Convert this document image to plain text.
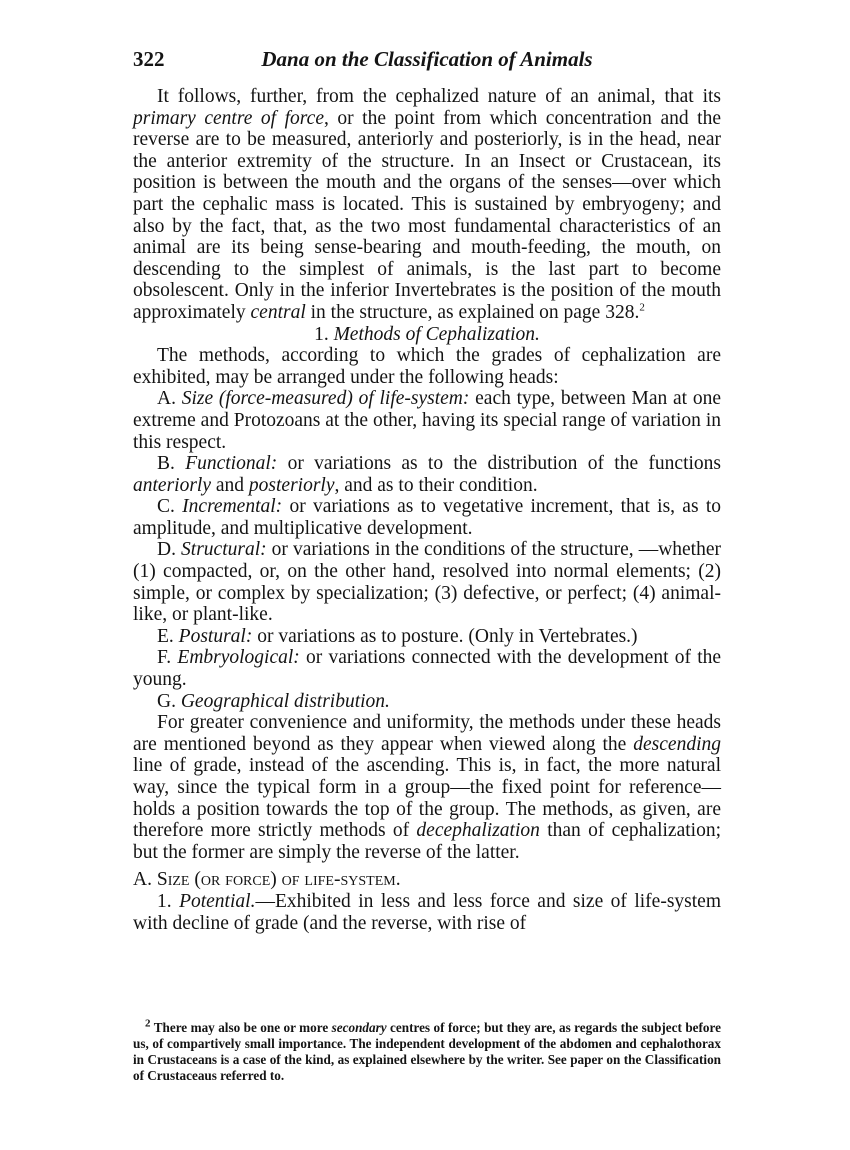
322	Dana on the Classification of Animals

It follows, further, from the cephalized nature of an animal, that its primary centre of force, or the point from which concentration and the reverse are to be measured, anteriorly and posteriorly, is in the head, near the anterior extremity of the structure. In an Insect or Crustacean, its position is between the mouth and the organs of the senses—over which part the cephalic mass is located. This is sustained by embryogeny; and also by the fact, that, as the two most fundamental characteristics of an animal are its being sense-bearing and mouth-feeding, the mouth, on descending to the simplest of animals, is the last part to become obsolescent. Only in the inferior Invertebrates is the position of the mouth approximately central in the structure, as explained on page 328.$^2$

1. Methods of Cephalization.

The methods, according to which the grades of cephalization are exhibited, may be arranged under the following heads:

A. Size (force-measured) of life-system: each type, between Man at one extreme and Protozoans at the other, having its special range of variation in this respect.

B. Functional: or variations as to the distribution of the functions anteriorly and posteriorly, and as to their condition.

C. Incremental: or variations as to vegetative increment, that is, as to amplitude, and multiplicative development.

D. Structural: or variations in the conditions of the structure, —whether (1) compacted, or, on the other hand, resolved into normal elements; (2) simple, or complex by specialization; (3) defective, or perfect; (4) animal-like, or plant-like.

E. Postural: or variations as to posture. (Only in Vertebrates.)

F. Embryological: or variations connected with the development of the young.

G. Geographical distribution.

For greater convenience and uniformity, the methods under these heads are mentioned beyond as they appear when viewed along the descending line of grade, instead of the ascending. This is, in fact, the more natural way, since the typical form in a group—the fixed point for reference—holds a position towards the top of the group. The methods, as given, are therefore more strictly methods of decephalization than of cephalization; but the former are simply the reverse of the latter.

A. Size (or force) of life-system.

1. Potential.—Exhibited in less and less force and size of life-system with decline of grade (and the reverse, with rise of

$^2$ There may also be one or more secondary centres of force; but they are, as regards the subject before us, of compartively small importance. The independent development of the abdomen and cephalothorax in Crustaceans is a case of the kind, as explained elsewhere by the writer. See paper on the Classification of Crustaceaus referred to.
